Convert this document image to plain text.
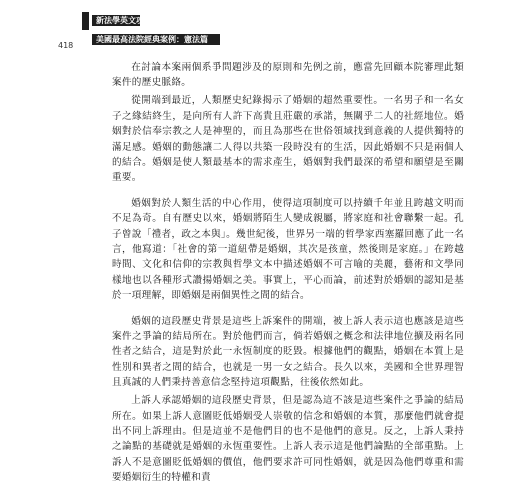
新法學英文攻略
美國最高法院經典案例：憲法篇
418

在討論本案兩個系爭問題涉及的原則和先例之前，應當先回顧本院審理此類案件的歷史脈絡。

從開端到最近，人類歷史紀錄揭示了婚姻的超然重要性。一名男子和一名女子之緣結終生，是向所有人許下高貴且莊嚴的承諾，無關乎二人的社經地位。婚姻對於信奉宗教之人是神聖的，而且為那些在世俗領域找到意義的人提供獨特的滿足感。婚姻的動態讓二人得以共築一段時没有的生活，因此婚姻不只是兩個人的結合。婚姻是使人類最基本的需求產生，婚姻對我們最深的希望和願望是至關重要。

婚姻對於人類生活的中心作用，使得這項制度可以持續千年並且跨越文明而不足為奇。自有歷史以來，婚姻將陌生人變成親屬，將家庭和社會聯繫一起。孔子曾說「禮者，政之本與」。幾世紀後，世界另一端的哲學家西塞羅回應了此一名言，他寫道：「社會的第一道紐帶是婚姻，其次是孩童，然後則是家庭。」在跨越時間、文化和信仰的宗教與哲學文本中描述婚姻不可言喻的美麗，藝術和文學同樣地也以各種形式讚揚婚姻之美。事實上，平心而論，前述對於婚姻的認知是基於一項理解，即婚姻是兩個異性之間的結合。

婚姻的這段歷史背景是這些上訴案件的開端，被上訴人表示這也應該是這些案件之爭論的結局所在。對於他們而言，倘若婚姻之概念和法律地位擴及兩名同性者之結合，這是對於此一永恆制度的貶毀。根據他們的觀點，婚姻在本質上是性別和異者之間的結合，也就是一男一女之結合。長久以來，美國和全世界理智且真誠的人們秉持善意信念堅持這項觀點，往後依然如此。

上訴人承認婚姻的這段歷史背景，但是認為這不該是這些案件之爭論的結局所在。如果上訴人意圖貶低婚姻受人崇敬的信念和婚姻的本質，那麼他們就會提出不同上訴理由。但是這並不是他們目的也不是他們的意見。反之，上訴人秉持之論點的基礎就是婚姻的永恆重要性。上訴人表示這是他們論點的全部重點。上訴人不是意圖貶低婚姻的價值，他們要求許可同性婚姻，就是因為他們尊重和需要婚姻衍生的特權和責
